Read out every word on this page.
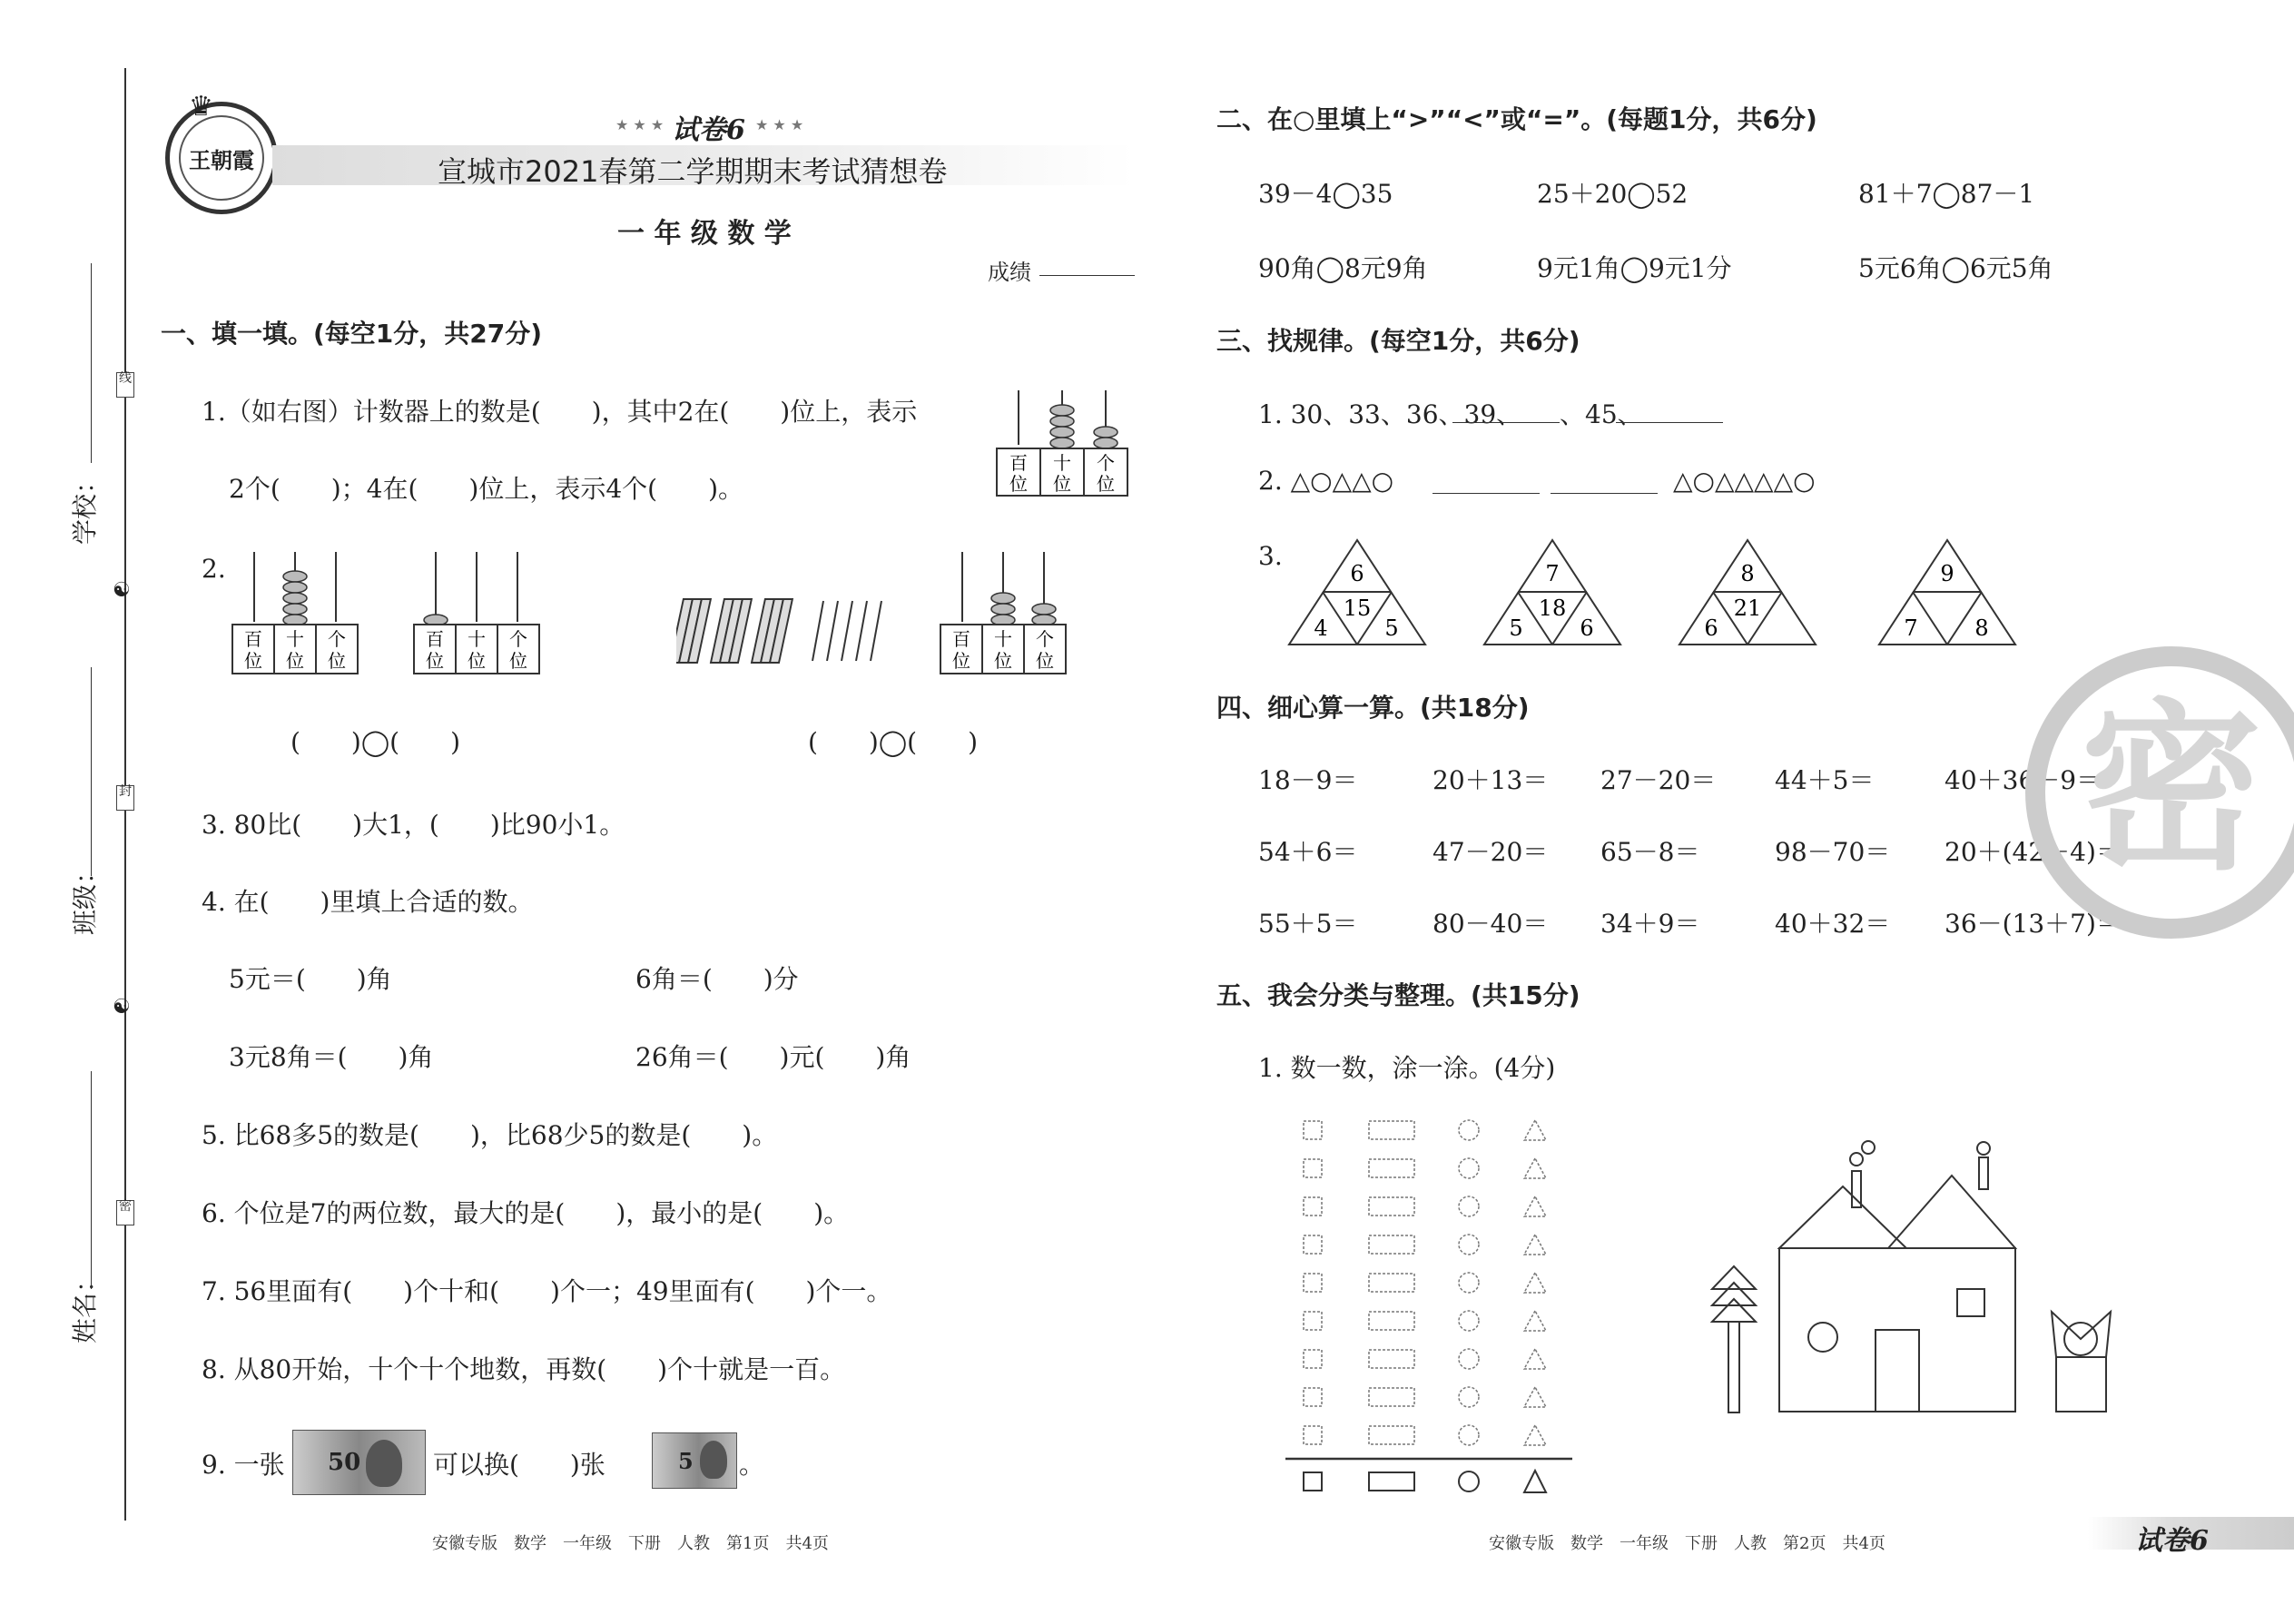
学校：
班级：
姓名：
线
封
密
☯
☯
王朝霞
♛
★ ★ ★ 试卷6 ★ ★ ★
宣城市2021春第二学期期末考试猜想卷
一 年 级 数 学
成绩
一、填一填。(每空1分，共27分)
1.（如右图）计数器上的数是(　　)，其中2在(　　)位上，表示
2个(　　)；4在(　　)位上，表示4个(　　)。
百
位
十
位
个
位
2.
百
位
十
位
个
位
百
位
十
位
个
位
百
位
十
位
个
位
(　　)◯(　　)	(　　)◯(　　)
3. 80比(　　)大1，(　　)比90小1。
4. 在(　　)里填上合适的数。
5元＝(　　)角	6角＝(　　)分
3元8角＝(　　)角	26角＝(　　)元(　　)角
5. 比68多5的数是(　　)，比68少5的数是(　　)。
6. 个位是7的两位数，最大的是(　　)，最小的是(　　)。
7. 56里面有(　　)个十和(　　)个一；49里面有(　　)个一。
8. 从80开始，十个十个地数，再数(　　)个十就是一百。
9. 一张 50	可以换(　　)张	5 。
安徽专版　数学　一年级　下册　人教　第1页　共4页
二、在○里填上“>”“<”或“=”。(每题1分，共6分)
39－4◯35	25＋20◯52	81＋7◯87－1
90角◯8元9角	9元1角◯9元1分	5元6角◯6元5角
三、找规律。(每空1分，共6分)
1. 30、33、36、39、 、45、
2. △○△△○	△○△△△△○
3.
6
15
4	5
7
18
5	6
8
21
6
9
7	8
四、细心算一算。(共18分)
18－9＝	20＋13＝ 27－20＝ 44＋5＝	40＋36－9＝
54＋6＝	47－20＝ 65－8＝	98－70＝ 20＋(42－4)＝
55＋5＝	80－40＝ 34＋9＝	40＋32＝ 36－(13＋7)＝
密
五、我会分类与整理。(共15分)
1. 数一数，涂一涂。(4分)
安徽专版　数学　一年级　下册　人教　第2页　共4页	试卷6
